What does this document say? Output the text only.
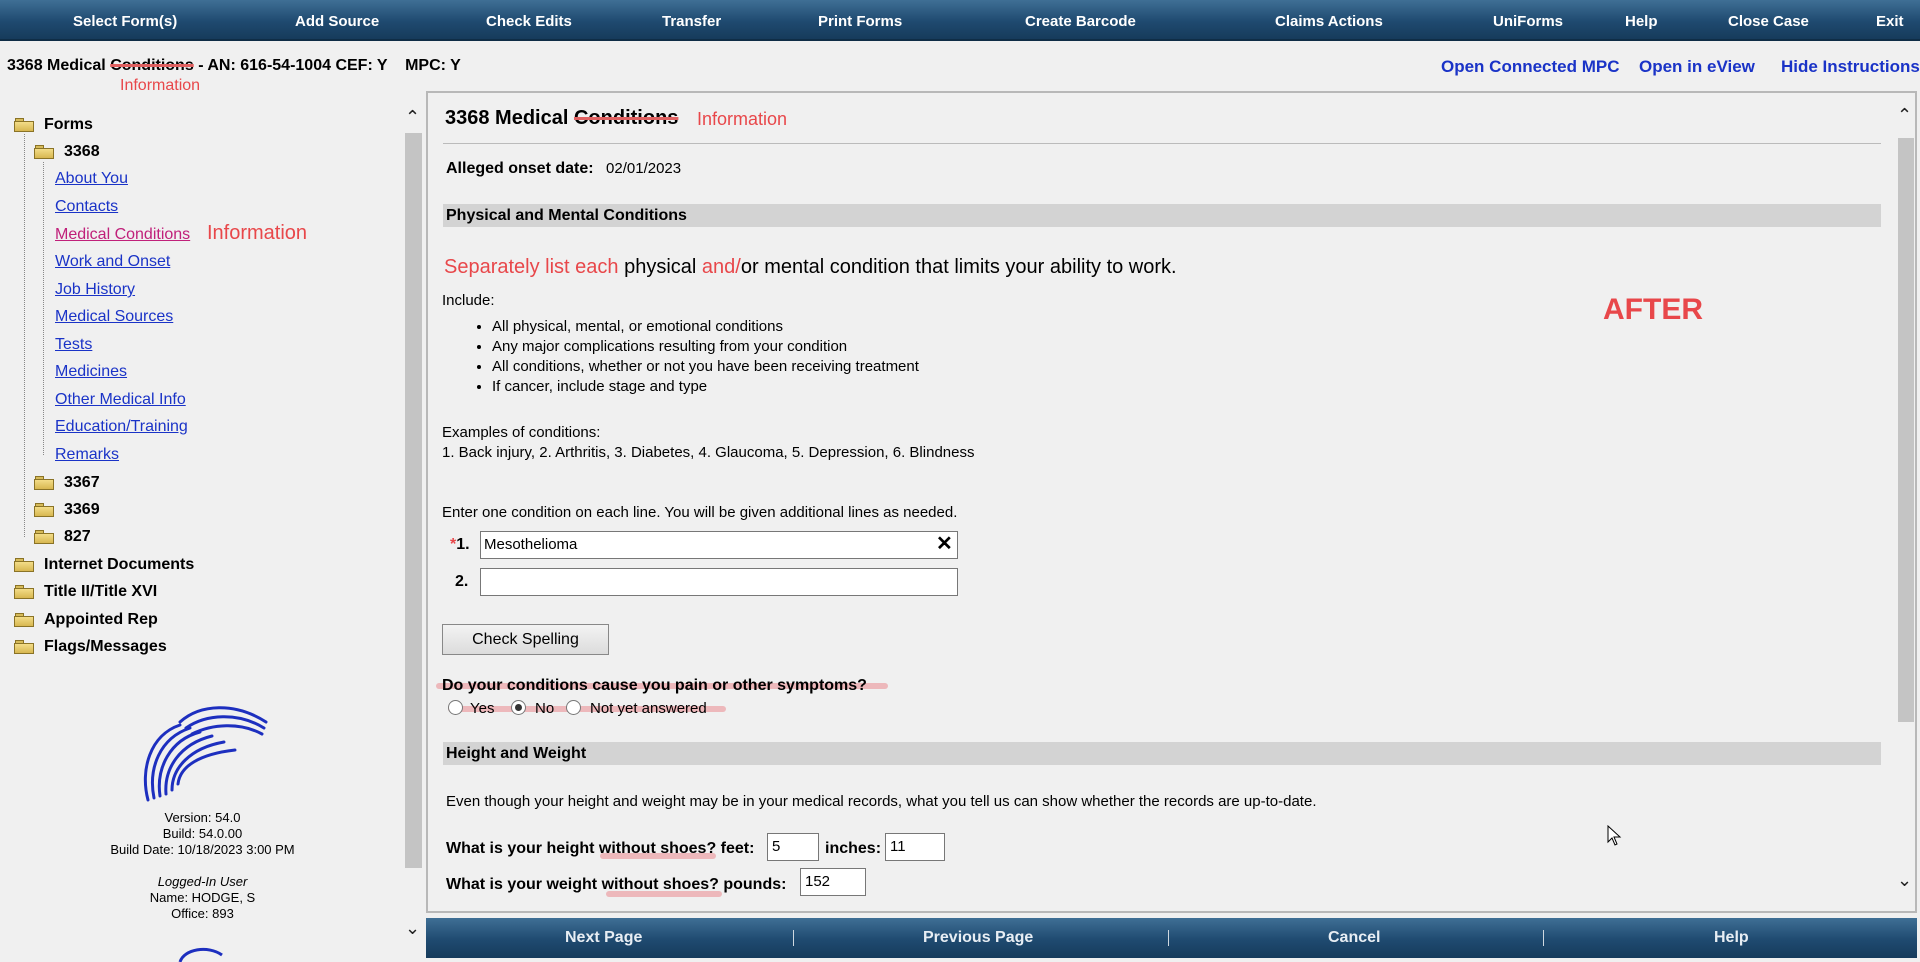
Select Form(s)	Add Source	Check Edits	Transfer	Print Forms	Create Barcode	Claims Actions	UniForms	Help	Close Case	Exit
3368 Medical Conditions - AN: 616-54-1004 CEF: Y    MPC: Y
Information
Open Connected MPC Open in eView Hide Instructions
Forms
3368
About You
Contacts
Medical Conditions Information
Work and Onset
Job History
Medical Sources
Tests
Medicines
Other Medical Info
Education/Training
Remarks
3367
3369
827
Internet Documents
Title II/Title XVI
Appointed Rep
Flags/Messages
⌃
⌄
Version: 54.0
Build: 54.0.00
Build Date: 10/18/2023 3:00 PM
Logged-In User
Name: HODGE, S
Office: 893
3368 Medical Conditions Information
Alleged onset date: 02/01/2023
Physical and Mental Conditions
Separately list each physical and/or mental condition that limits your ability to work.
Include:
• All physical, mental, or emotional conditions
• Any major complications resulting from your condition
• All conditions, whether or not you have been receiving treatment
• If cancer, include stage and type
Examples of conditions:
1. Back injury, 2. Arthritis, 3. Diabetes, 4. Glaucoma, 5. Depression, 6. Blindness
Enter one condition on each line. You will be given additional lines as needed.
*1. Mesothelioma	✕
2.
Check Spelling
Do your conditions cause you pain or other symptoms?
Yes	No Not yet answered
Height and Weight
Even though your height and weight may be in your medical records, what you tell us can show whether the records are up-to-date.
What is your height without shoes? feet:	5	inches: 11
What is your weight without shoes? pounds:	152
AFTER
⌃
⌄
Next Page	Previous Page	Cancel	Help
